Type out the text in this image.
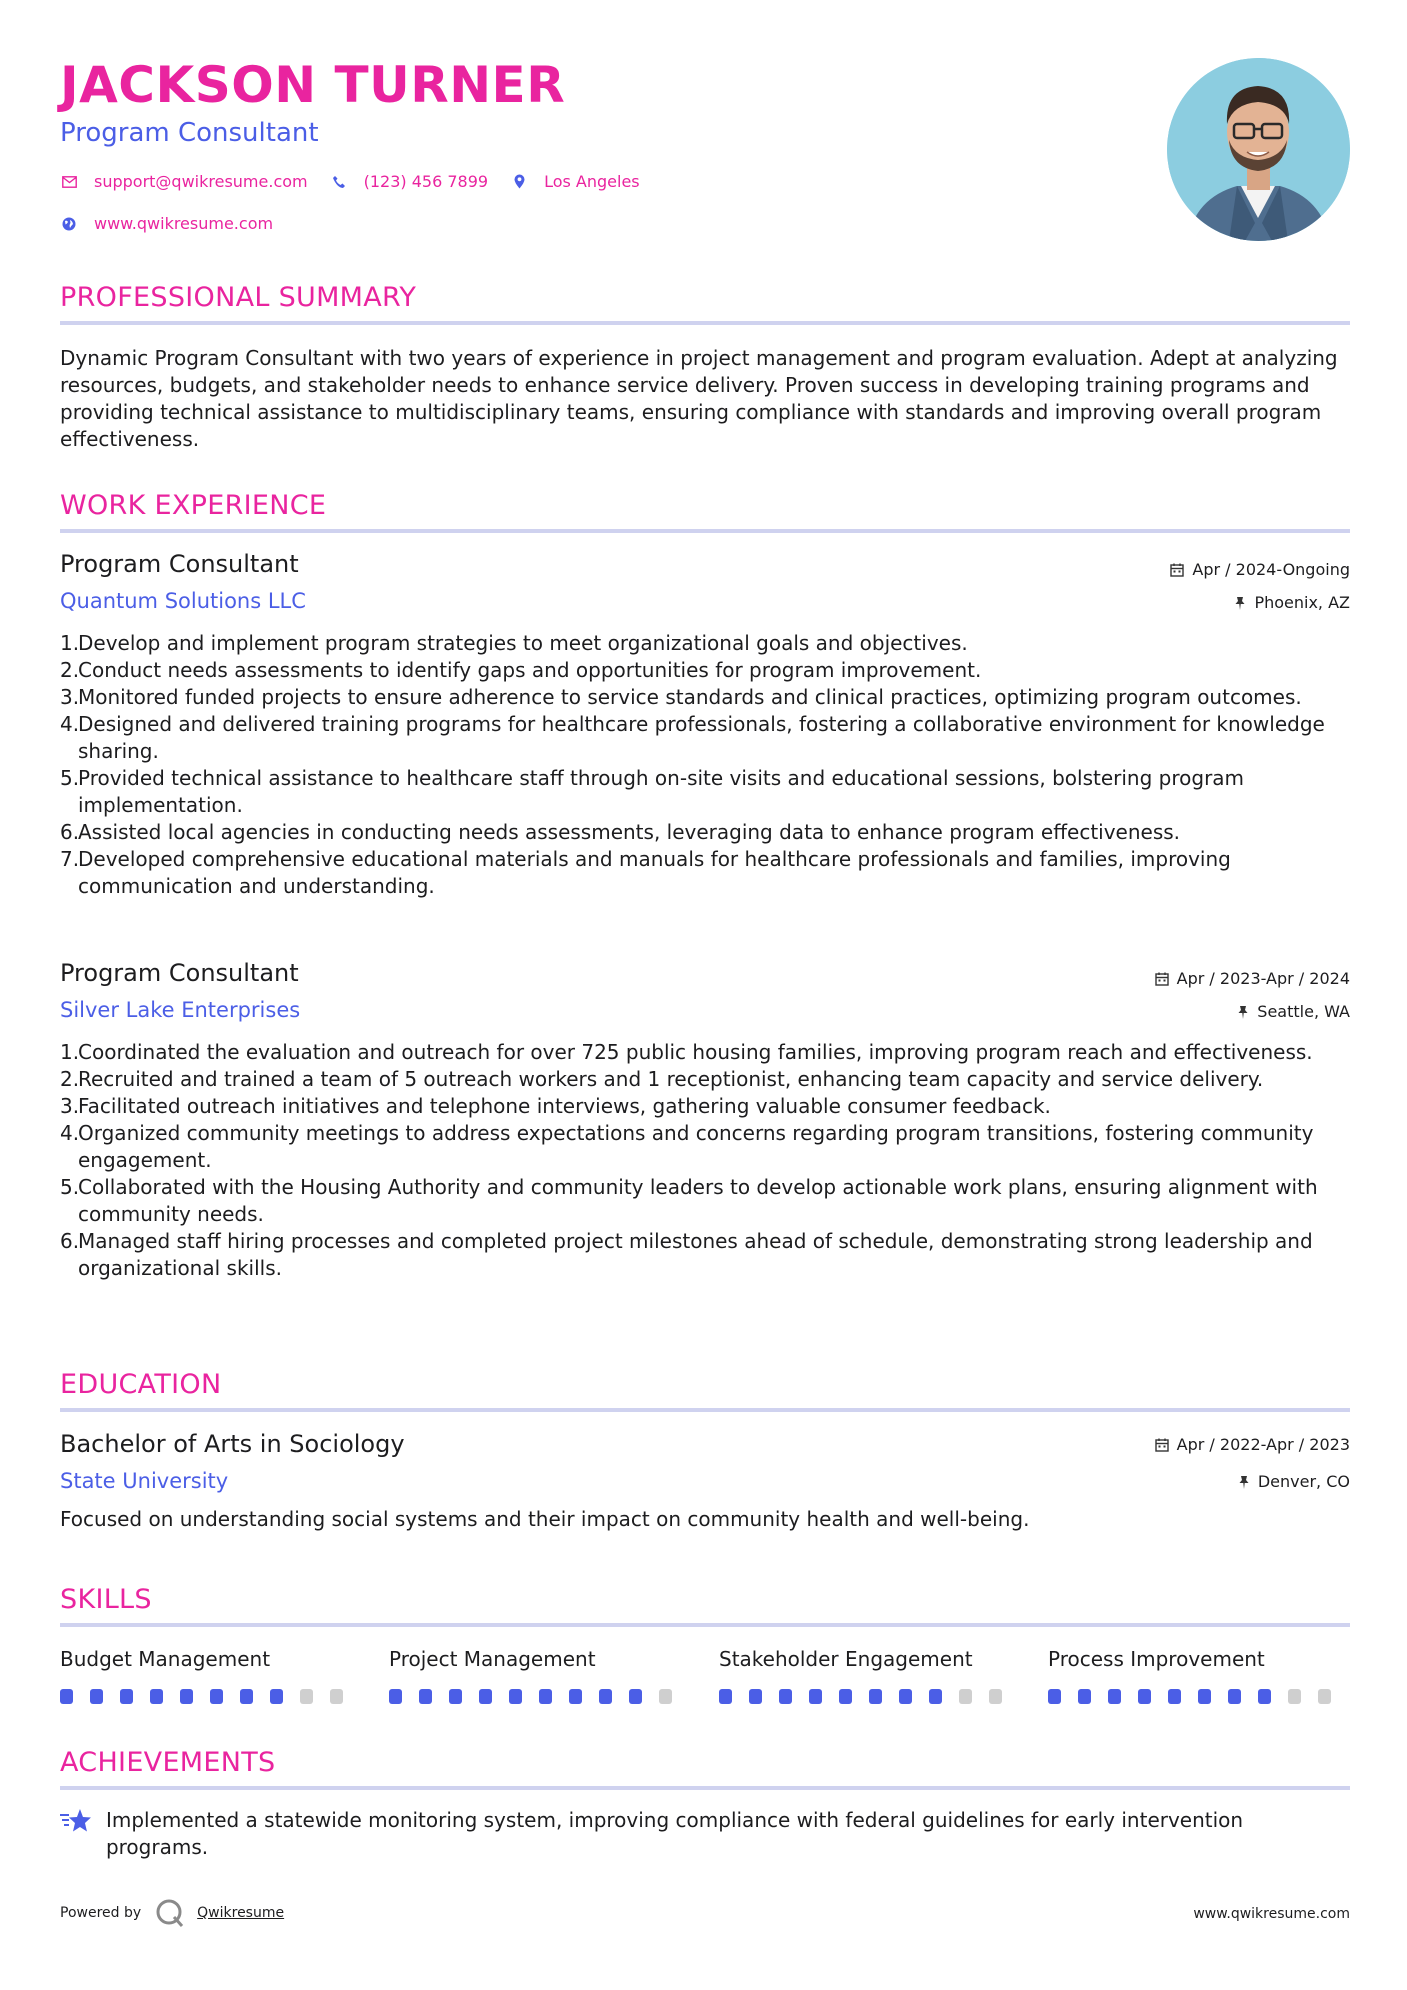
JACKSON TURNER
Program Consultant
support@qwikresume.com	(123) 456 7899	Los Angeles
www.qwikresume.com
PROFESSIONAL SUMMARY
Dynamic Program Consultant with two years of experience in project management and program evaluation. Adept at analyzing resources, budgets, and stakeholder needs to enhance service delivery. Proven success in developing training programs and providing technical assistance to multidisciplinary teams, ensuring compliance with standards and improving overall program effectiveness.
WORK EXPERIENCE
Program Consultant
Quantum Solutions LLC
Apr / 2024-Ongoing
Phoenix, AZ
1.
Develop and implement program strategies to meet organizational goals and objectives.
2.
Conduct needs assessments to identify gaps and opportunities for program improvement.
3.
Monitored funded projects to ensure adherence to service standards and clinical practices, optimizing program outcomes.
4.
Designed and delivered training programs for healthcare professionals, fostering a collaborative environment for knowledge sharing.
5.
Provided technical assistance to healthcare staff through on-site visits and educational sessions, bolstering program implementation.
6.
Assisted local agencies in conducting needs assessments, leveraging data to enhance program effectiveness.
7.
Developed comprehensive educational materials and manuals for healthcare professionals and families, improving communication and understanding.
Program Consultant
Silver Lake Enterprises
Apr / 2023-Apr / 2024
Seattle, WA
1.
Coordinated the evaluation and outreach for over 725 public housing families, improving program reach and effectiveness.
2.
Recruited and trained a team of 5 outreach workers and 1 receptionist, enhancing team capacity and service delivery.
3.
Facilitated outreach initiatives and telephone interviews, gathering valuable consumer feedback.
4.
Organized community meetings to address expectations and concerns regarding program transitions, fostering community engagement.
5.
Collaborated with the Housing Authority and community leaders to develop actionable work plans, ensuring alignment with community needs.
6.
Managed staff hiring processes and completed project milestones ahead of schedule, demonstrating strong leadership and organizational skills.
EDUCATION
Bachelor of Arts in Sociology
State University
Apr / 2022-Apr / 2023
Denver, CO
Focused on understanding social systems and their impact on community health and well-being.
SKILLS
Budget Management	Project Management	Stakeholder Engagement	Process Improvement
ACHIEVEMENTS
Implemented a statewide monitoring system, improving compliance with federal guidelines for early intervention programs.
Powered by	Qwikresume	www.qwikresume.com
